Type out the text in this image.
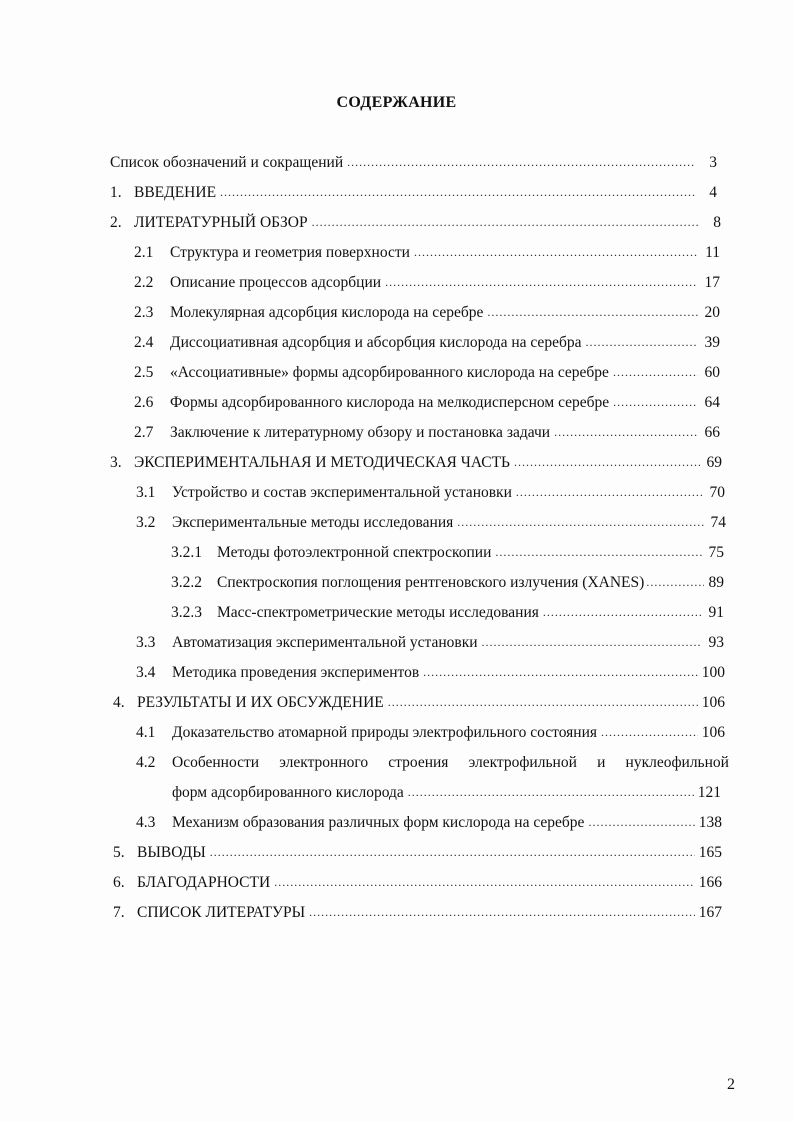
СОДЕРЖАНИЕ
Список обозначений и сокращений .....	3
1. ВВЕДЕНИЕ .....	4
2. ЛИТЕРАТУРНЫЙ ОБЗОР .....	8
2.1	Структура и геометрия поверхности .....	11
2.2	Описание процессов адсорбции .....	17
2.3	Молекулярная адсорбция кислорода на серебре .....	20
2.4	Диссоциативная адсорбция и абсорбция кислорода на серебра .....	39
2.5	«Ассоциативные» формы адсорбированного кислорода на серебре .....	60
2.6	Формы адсорбированного кислорода на мелкодисперсном серебре .....	64
2.7	Заключение к литературному обзору и постановка задачи .....	66
3. ЭКСПЕРИМЕНТАЛЬНАЯ И МЕТОДИЧЕСКАЯ ЧАСТЬ .....	69
3.1	Устройство и состав экспериментальной установки .....	70
3.2	Экспериментальные методы исследования .....	74
3.2.1 Методы фотоэлектронной спектроскопии .....	75
3.2.2 Спектроскопия поглощения рентгеновского излучения (XANES) .....	89
3.2.3 Масс-спектрометрические методы исследования .....	91
3.3	Автоматизация экспериментальной установки .....	93
3.4	Методика проведения экспериментов .....	100
4. РЕЗУЛЬТАТЫ И ИХ ОБСУЖДЕНИЕ .....	106
4.1	Доказательство атомарной природы электрофильного состояния .....	106
4.2	Особенности электронного строения электрофильной и нуклеофильной
форм адсорбированного кислорода .....	121
4.3	Механизм образования различных форм кислорода на серебре .....	138
5. ВЫВОДЫ .....	165
6. БЛАГОДАРНОСТИ .....	166
7. СПИСОК ЛИТЕРАТУРЫ .....	167
2
